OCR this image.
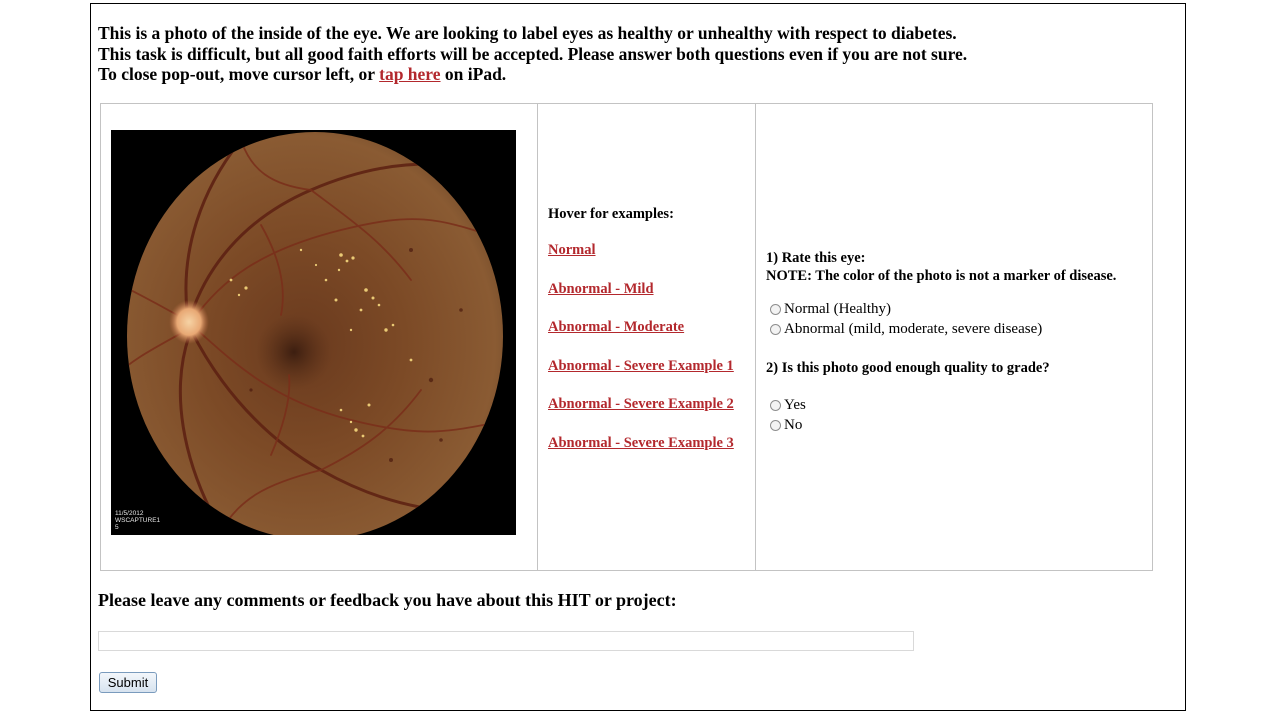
This is a photo of the inside of the eye. We are looking to label eyes as healthy or unhealthy with respect to diabetes.
This task is difficult, but all good faith efforts will be accepted. Please answer both questions even if you are not sure.
To close pop-out, move cursor left, or tap here on iPad.
11/5/2012
WSCAPTURE1
5
Hover for examples:
Normal
Abnormal - Mild
Abnormal - Moderate
Abnormal - Severe Example 1
Abnormal - Severe Example 2
Abnormal - Severe Example 3
1) Rate this eye:
NOTE: The color of the photo is not a marker of disease.
Normal (Healthy)
Abnormal (mild, moderate, severe disease)
2) Is this photo good enough quality to grade?
Yes
No
Please leave any comments or feedback you have about this HIT or project:
Submit
